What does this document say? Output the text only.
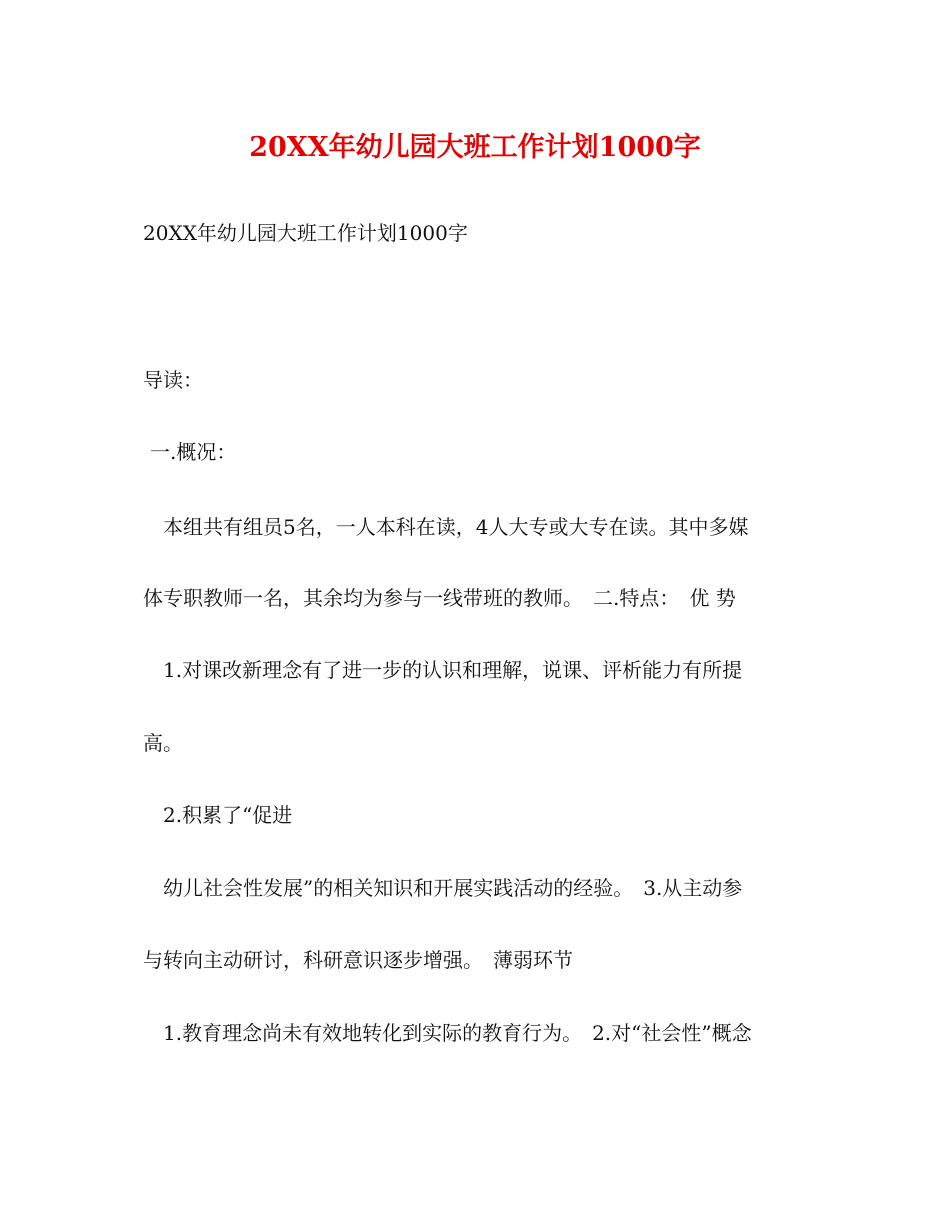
20XX年幼儿园大班工作计划1000字
20XX年幼儿园大班工作计划1000字
导读：
一.概况：
本组共有组员5名，一人本科在读，4人大专或大专在读。其中多媒
体专职教师一名，其余均为参与一线带班的教师。　二.特点：　优 势
1.对课改新理念有了进一步的认识和理解，说课、评析能力有所提
高。
2.积累了“促进
幼儿社会性发展”的相关知识和开展实践活动的经验。　3.从主动参
与转向主动研讨，科研意识逐步增强。　薄弱环节
1.教育理念尚未有效地转化到实际的教育行为。　2.对“社会性”概念
